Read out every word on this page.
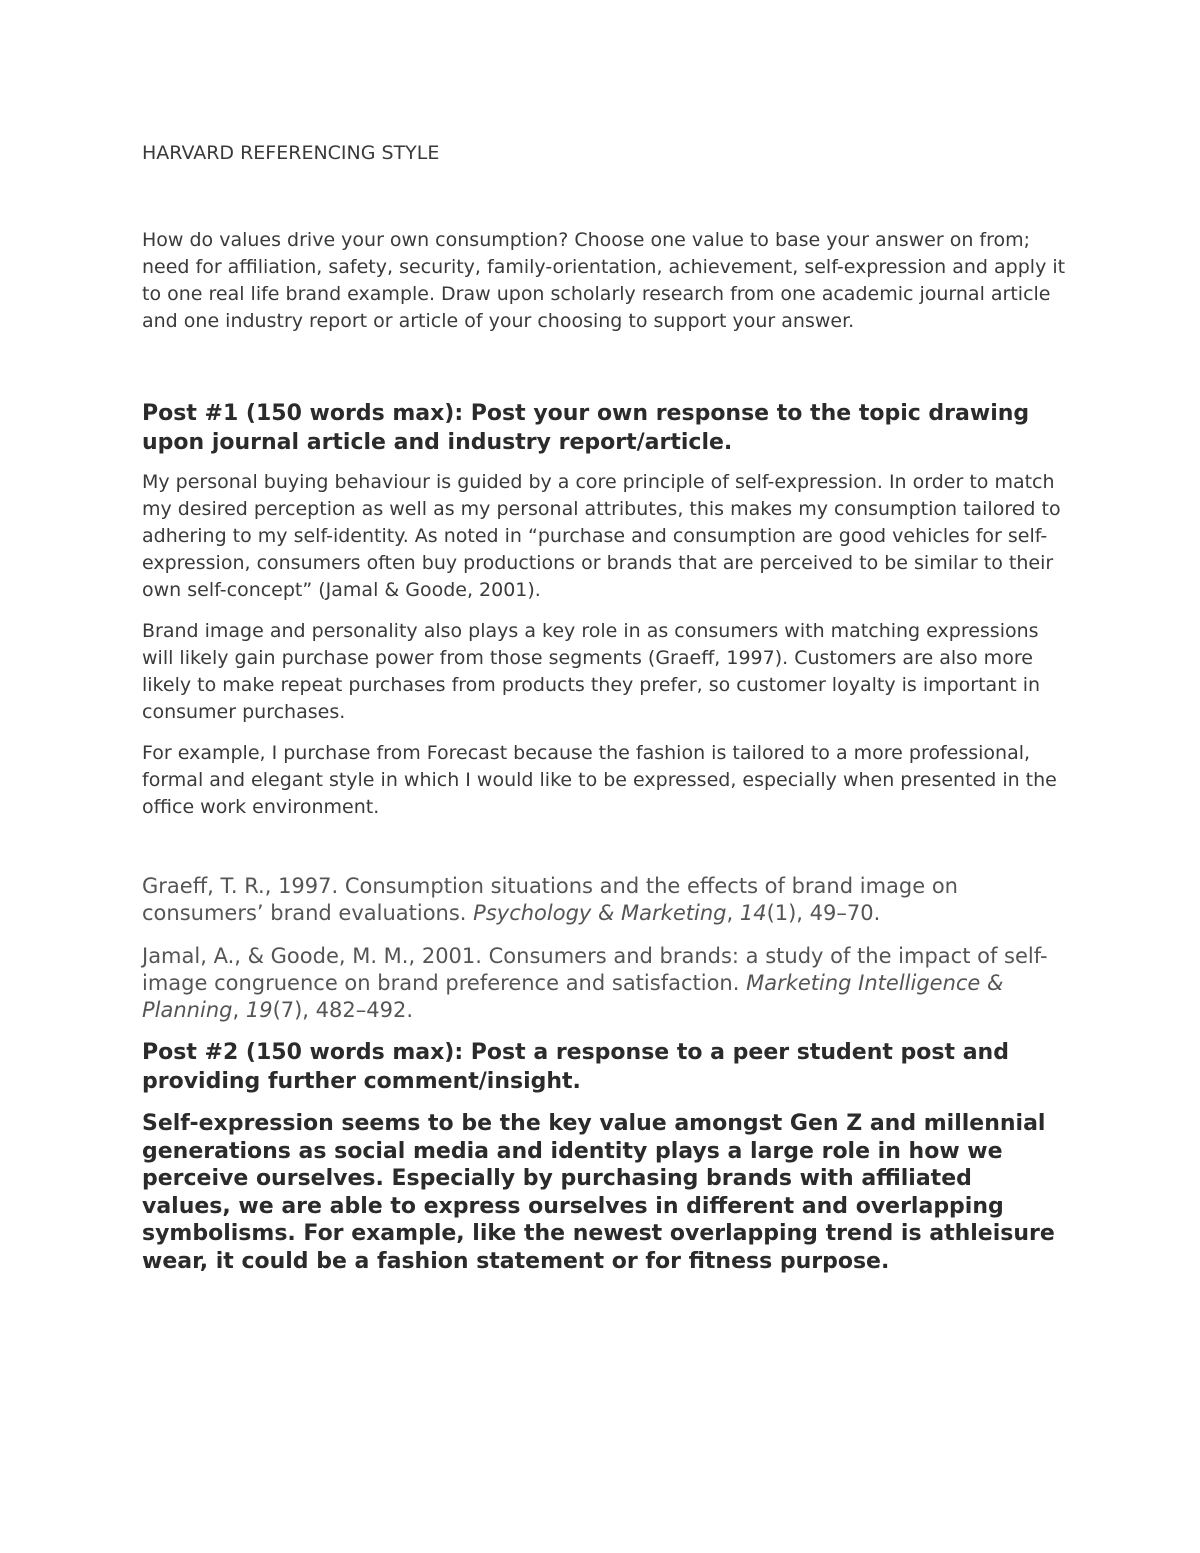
HARVARD REFERENCING STYLE

How do values drive your own consumption? Choose one value to base your answer on from; need for affiliation, safety, security, family-orientation, achievement, self-expression and apply it to one real life brand example. Draw upon scholarly research from one academic journal article and one industry report or article of your choosing to support your answer.

Post #1 (150 words max): Post your own response to the topic drawing upon journal article and industry report/article.

My personal buying behaviour is guided by a core principle of self-expression. In order to match my desired perception as well as my personal attributes, this makes my consumption tailored to adhering to my self-identity. As noted in “purchase and consumption are good vehicles for self-expression, consumers often buy productions or brands that are perceived to be similar to their own self-concept” (Jamal & Goode, 2001).

Brand image and personality also plays a key role in as consumers with matching expressions will likely gain purchase power from those segments (Graeff, 1997). Customers are also more likely to make repeat purchases from products they prefer, so customer loyalty is important in consumer purchases.

For example, I purchase from Forecast because the fashion is tailored to a more professional, formal and elegant style in which I would like to be expressed, especially when presented in the office work environment.

Graeff, T. R., 1997. Consumption situations and the effects of brand image on consumers’ brand evaluations. Psychology & Marketing, 14(1), 49–70.

Jamal, A., & Goode, M. M., 2001. Consumers and brands: a study of the impact of self-image congruence on brand preference and satisfaction. Marketing Intelligence & Planning, 19(7), 482–492.

Post #2 (150 words max): Post a response to a peer student post and providing further comment/insight.

Self-expression seems to be the key value amongst Gen Z and millennial generations as social media and identity plays a large role in how we perceive ourselves. Especially by purchasing brands with affiliated values, we are able to express ourselves in different and overlapping symbolisms. For example, like the newest overlapping trend is athleisure wear, it could be a fashion statement or for fitness purpose.
